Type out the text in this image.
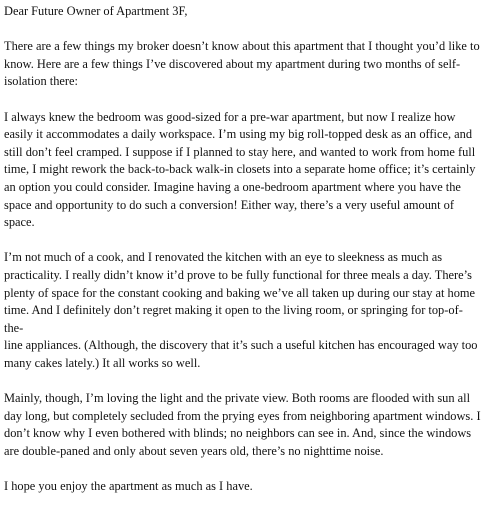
Dear Future Owner of Apartment 3F,

There are a few things my broker doesn’t know about this apartment that I thought you’d like to
know. Here are a few things I’ve discovered about my apartment during two months of self-
isolation there:

I always knew the bedroom was good-sized for a pre-war apartment, but now I realize how
easily it accommodates a daily workspace. I’m using my big roll-topped desk as an office, and
still don’t feel cramped. I suppose if I planned to stay here, and wanted to work from home full
time, I might rework the back-to-back walk-in closets into a separate home office; it’s certainly
an option you could consider. Imagine having a one-bedroom apartment where you have the
space and opportunity to do such a conversion! Either way, there’s a very useful amount of
space.

I’m not much of a cook, and I renovated the kitchen with an eye to sleekness as much as
practicality. I really didn’t know it’d prove to be fully functional for three meals a day. There’s
plenty of space for the constant cooking and baking we’ve all taken up during our stay at home
time. And I definitely don’t regret making it open to the living room, or springing for top-of-the-
line appliances. (Although, the discovery that it’s such a useful kitchen has encouraged way too
many cakes lately.) It all works so well.

Mainly, though, I’m loving the light and the private view. Both rooms are flooded with sun all
day long, but completely secluded from the prying eyes from neighboring apartment windows. I
don’t know why I even bothered with blinds; no neighbors can see in. And, since the windows
are double-paned and only about seven years old, there’s no nighttime noise.

I hope you enjoy the apartment as much as I have.
